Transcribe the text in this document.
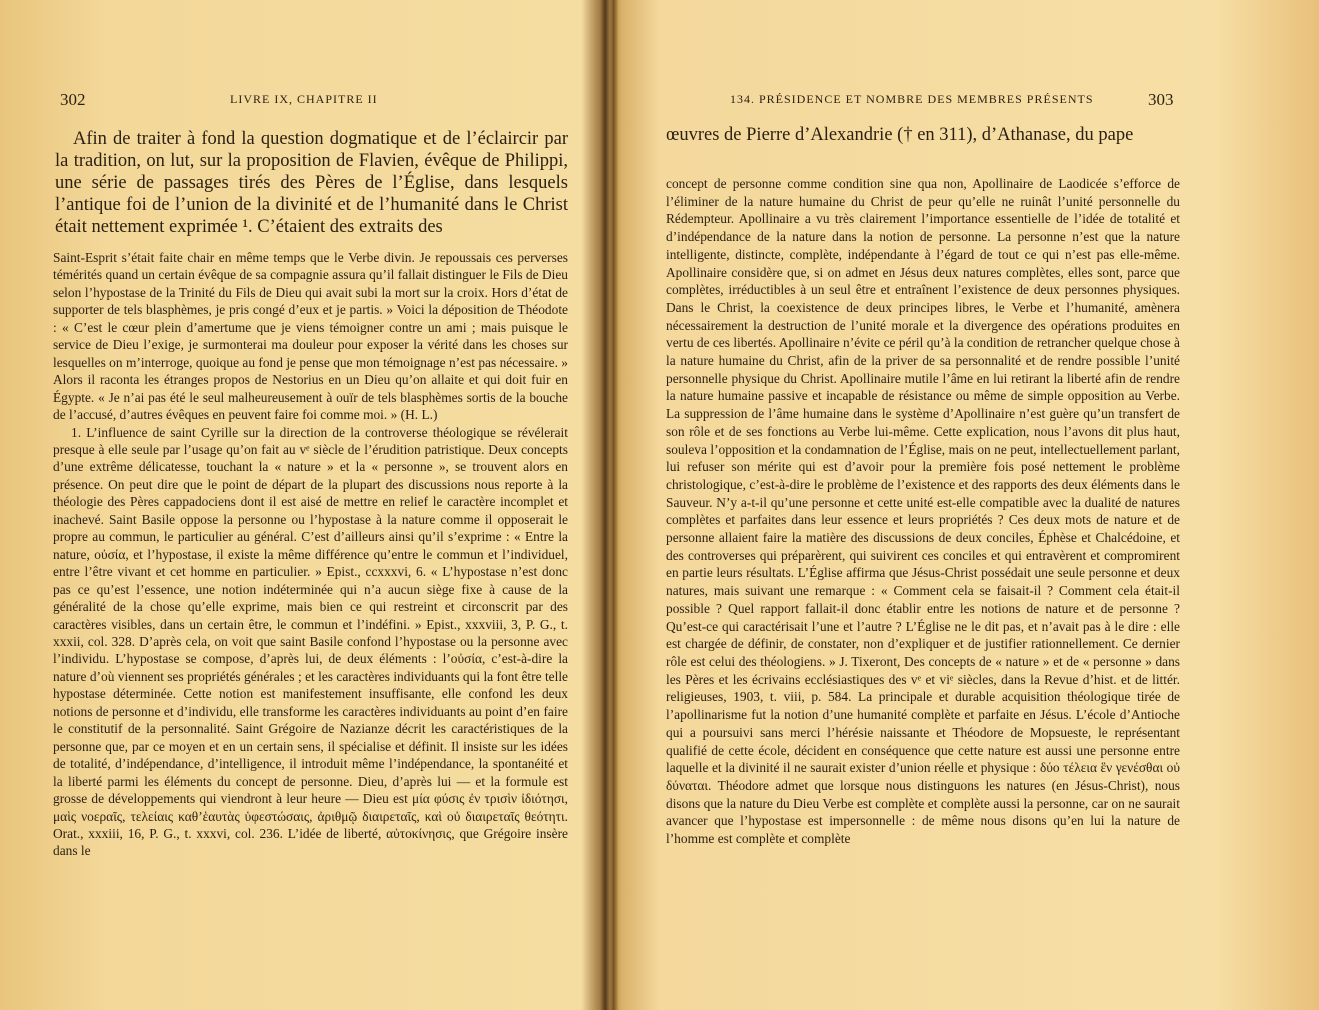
302	LIVRE IX, CHAPITRE II

Afin de traiter à fond la question dogmatique et de l’éclaircir par la tradition, on lut, sur la proposition de Flavien, évêque de Philippi, une série de passages tirés des Pères de l’Église, dans lesquels l’antique foi de l’union de la divinité et de l’humanité dans le Christ était nettement exprimée ¹. C’étaient des extraits des

Saint-Esprit s’était faite chair en même temps que le Verbe divin. Je repoussais ces perverses témérités quand un certain évêque de sa compagnie assura qu’il fallait distinguer le Fils de Dieu selon l’hypostase de la Trinité du Fils de Dieu qui avait subi la mort sur la croix. Hors d’état de supporter de tels blasphèmes, je pris congé d’eux et je partis. » Voici la déposition de Théodote : « C’est le cœur plein d’amertume que je viens témoigner contre un ami ; mais puisque le service de Dieu l’exige, je surmonterai ma douleur pour exposer la vérité dans les choses sur lesquelles on m’interroge, quoique au fond je pense que mon témoignage n’est pas nécessaire. » Alors il raconta les étranges propos de Nestorius en un Dieu qu’on allaite et qui doit fuir en Égypte. « Je n’ai pas été le seul malheureusement à ouïr de tels blasphèmes sortis de la bouche de l’accusé, d’autres évêques en peuvent faire foi comme moi. » (H. L.)

1. L’influence de saint Cyrille sur la direction de la controverse théologique se révélerait presque à elle seule par l’usage qu’on fait au vᵉ siècle de l’érudition patristique. Deux concepts d’une extrême délicatesse, touchant la « nature » et la « personne », se trouvent alors en présence. On peut dire que le point de départ de la plupart des discussions nous reporte à la théologie des Pères cappadociens dont il est aisé de mettre en relief le caractère incomplet et inachevé. Saint Basile oppose la personne ou l’hypostase à la nature comme il opposerait le propre au commun, le particulier au général. C’est d’ailleurs ainsi qu’il s’exprime : « Entre la nature, οὐσία, et l’hypostase, il existe la même différence qu’entre le commun et l’individuel, entre l’être vivant et cet homme en particulier. » Epist., ccxxxvi, 6. « L’hypostase n’est donc pas ce qu’est l’essence, une notion indéterminée qui n’a aucun siège fixe à cause de la généralité de la chose qu’elle exprime, mais bien ce qui restreint et circonscrit par des caractères visibles, dans un certain être, le commun et l’indéfini. » Epist., xxxviii, 3, P. G., t. xxxii, col. 328. D’après cela, on voit que saint Basile confond l’hypostase ou la personne avec l’individu. L’hypostase se compose, d’après lui, de deux éléments : l’οὐσία, c’est-à-dire la nature d’où viennent ses propriétés générales ; et les caractères individuants qui la font être telle hypostase déterminée. Cette notion est manifestement insuffisante, elle confond les deux notions de personne et d’individu, elle transforme les caractères individuants au point d’en faire le constitutif de la personnalité. Saint Grégoire de Nazianze décrit les caractéristiques de la personne que, par ce moyen et en un certain sens, il spécialise et définit. Il insiste sur les idées de totalité, d’indépendance, d’intelligence, il introduit même l’indépendance, la spontanéité et la liberté parmi les éléments du concept de personne. Dieu, d’après lui — et la formule est grosse de développements qui viendront à leur heure — Dieu est μία φύσις ἐν τρισὶν ἰδιότησι, μαὶς νοεραῖς, τελείαις καθ’ἑαυτὰς ὑφεστώσαις, ἀριθμῷ διαιρεταῖς, καὶ οὐ διαιρεταῖς θεότητι. Orat., xxxiii, 16, P. G., t. xxxvi, col. 236. L’idée de liberté, αὐτοκίνησις, que Grégoire insère dans le

134. PRÉSIDENCE ET NOMBRE DES MEMBRES PRÉSENTS	303

œuvres de Pierre d’Alexandrie († en 311), d’Athanase, du pape

concept de personne comme condition sine qua non, Apollinaire de Laodicée s’efforce de l’éliminer de la nature humaine du Christ de peur qu’elle ne ruinât l’unité personnelle du Rédempteur. Apollinaire a vu très clairement l’importance essentielle de l’idée de totalité et d’indépendance de la nature dans la notion de personne. La personne n’est que la nature intelligente, distincte, complète, indépendante à l’égard de tout ce qui n’est pas elle-même. Apollinaire considère que, si on admet en Jésus deux natures complètes, elles sont, parce que complètes, irréductibles à un seul être et entraînent l’existence de deux personnes physiques. Dans le Christ, la coexistence de deux principes libres, le Verbe et l’humanité, amènera nécessairement la destruction de l’unité morale et la divergence des opérations produites en vertu de ces libertés. Apollinaire n’évite ce péril qu’à la condition de retrancher quelque chose à la nature humaine du Christ, afin de la priver de sa personnalité et de rendre possible l’unité personnelle physique du Christ. Apollinaire mutile l’âme en lui retirant la liberté afin de rendre la nature humaine passive et incapable de résistance ou même de simple opposition au Verbe. La suppression de l’âme humaine dans le système d’Apollinaire n’est guère qu’un transfert de son rôle et de ses fonctions au Verbe lui-même. Cette explication, nous l’avons dit plus haut, souleva l’opposition et la condamnation de l’Église, mais on ne peut, intellectuellement parlant, lui refuser son mérite qui est d’avoir pour la première fois posé nettement le problème christologique, c’est-à-dire le problème de l’existence et des rapports des deux éléments dans le Sauveur. N’y a-t-il qu’une personne et cette unité est-elle compatible avec la dualité de natures complètes et parfaites dans leur essence et leurs propriétés ? Ces deux mots de nature et de personne allaient faire la matière des discussions de deux conciles, Éphèse et Chalcédoine, et des controverses qui préparèrent, qui suivirent ces conciles et qui entravèrent et compromirent en partie leurs résultats. L’Église affirma que Jésus-Christ possédait une seule personne et deux natures, mais suivant une remarque : « Comment cela se faisait-il ? Comment cela était-il possible ? Quel rapport fallait-il donc établir entre les notions de nature et de personne ? Qu’est-ce qui caractérisait l’une et l’autre ? L’Église ne le dit pas, et n’avait pas à le dire : elle est chargée de définir, de constater, non d’expliquer et de justifier rationnellement. Ce dernier rôle est celui des théologiens. » J. Tixeront, Des concepts de « nature » et de « personne » dans les Pères et les écrivains ecclésiastiques des vᵉ et viᵉ siècles, dans la Revue d’hist. et de littér. religieuses, 1903, t. viii, p. 584. La principale et durable acquisition théologique tirée de l’apollinarisme fut la notion d’une humanité complète et parfaite en Jésus. L’école d’Antioche qui a poursuivi sans merci l’hérésie naissante et Théodore de Mopsueste, le représentant qualifié de cette école, décident en conséquence que cette nature est aussi une personne entre laquelle et la divinité il ne saurait exister d’union réelle et physique : δύο τέλεια ἓν γενέσθαι οὐ δύναται. Théodore admet que lorsque nous distinguons les natures (en Jésus-Christ), nous disons que la nature du Dieu Verbe est complète et complète aussi la personne, car on ne saurait avancer que l’hypostase est impersonnelle : de même nous disons qu’en lui la nature de l’homme est complète et complète
